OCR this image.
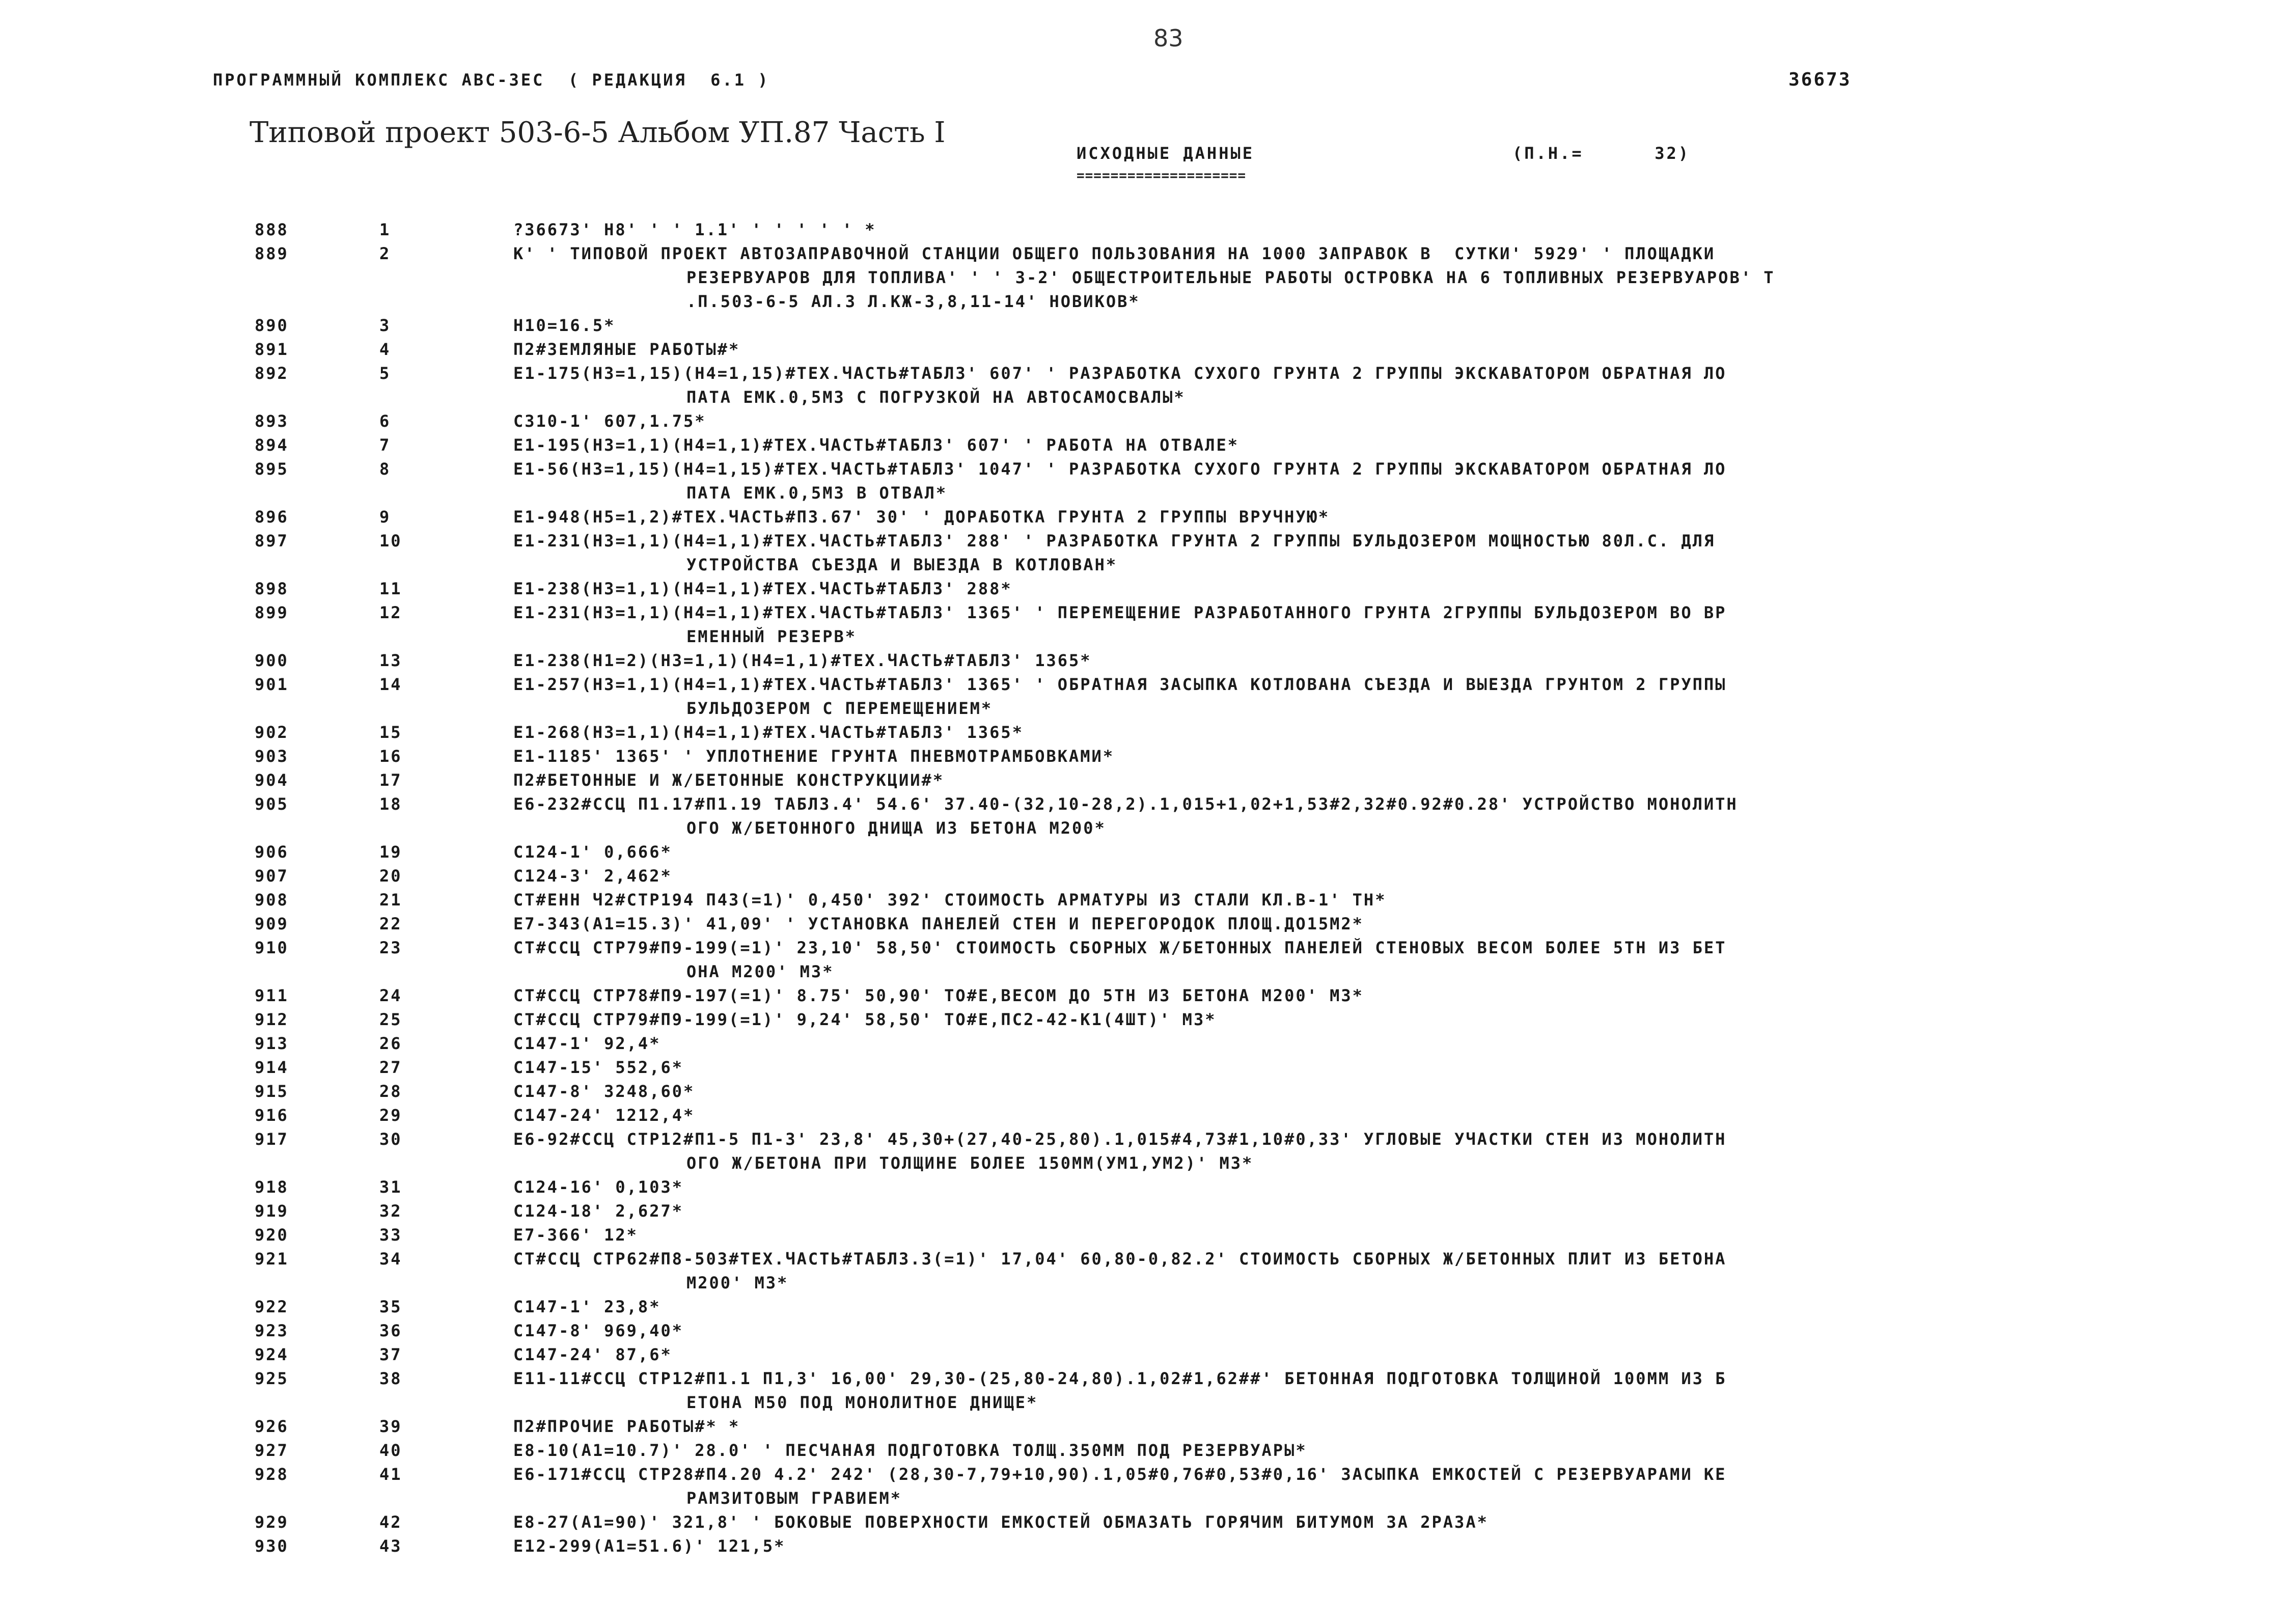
83
ПРОГРАММНЫЙ КОМПЛЕКС АВС-3ЕС  ( РЕДАКЦИЯ  6.1 )	36673
Типовой проект 503-6-5 Альбом УП.87 Часть I
ИСХОДНЫЕ ДАННЫЕ	(П.Н.=      32)
====================
888	1	?36673' Н8' ' ' 1.1' ' ' ' ' ' *
889	2	К' ' ТИПОВОЙ ПРОЕКТ АВТОЗАПРАВОЧНОЙ СТАНЦИИ ОБЩЕГО ПОЛЬЗОВАНИЯ НА 1000 ЗАПРАВОК В  СУТКИ' 5929' ' ПЛОЩАДКИ
РЕЗЕРВУАРОВ ДЛЯ ТОПЛИВА' ' ' 3-2' ОБЩЕСТРОИТЕЛЬНЫЕ РАБОТЫ ОСТРОВКА НА 6 ТОПЛИВНЫХ РЕЗЕРВУАРОВ' Т
.П.503-6-5 АЛ.3 Л.КЖ-3,8,11-14' НОВИКОВ*
890	3	Н10=16.5*
891	4	П2#ЗЕМЛЯНЫЕ РАБОТЫ#*
892	5	Е1-175(Н3=1,15)(Н4=1,15)#ТЕХ.ЧАСТЬ#ТАБЛ3' 607' ' РАЗРАБОТКА СУХОГО ГРУНТА 2 ГРУППЫ ЭКСКАВАТОРОМ ОБРАТНАЯ ЛО
ПАТА ЕМК.0,5М3 С ПОГРУЗКОЙ НА АВТОСАМОСВАЛЫ*
893	6	С310-1' 607,1.75*
894	7	Е1-195(Н3=1,1)(Н4=1,1)#ТЕХ.ЧАСТЬ#ТАБЛ3' 607' ' РАБОТА НА ОТВАЛЕ*
895	8	Е1-56(Н3=1,15)(Н4=1,15)#ТЕХ.ЧАСТЬ#ТАБЛ3' 1047' ' РАЗРАБОТКА СУХОГО ГРУНТА 2 ГРУППЫ ЭКСКАВАТОРОМ ОБРАТНАЯ ЛО
ПАТА ЕМК.0,5М3 В ОТВАЛ*
896	9	Е1-948(Н5=1,2)#ТЕХ.ЧАСТЬ#П3.67' 30' ' ДОРАБОТКА ГРУНТА 2 ГРУППЫ ВРУЧНУЮ*
897	10	Е1-231(Н3=1,1)(Н4=1,1)#ТЕХ.ЧАСТЬ#ТАБЛ3' 288' ' РАЗРАБОТКА ГРУНТА 2 ГРУППЫ БУЛЬДОЗЕРОМ МОЩНОСТЬЮ 80Л.С. ДЛЯ
УСТРОЙСТВА СЪЕЗДА И ВЫЕЗДА В КОТЛОВАН*
898	11	Е1-238(Н3=1,1)(Н4=1,1)#ТЕХ.ЧАСТЬ#ТАБЛ3' 288*
899	12	Е1-231(Н3=1,1)(Н4=1,1)#ТЕХ.ЧАСТЬ#ТАБЛ3' 1365' ' ПЕРЕМЕЩЕНИЕ РАЗРАБОТАННОГО ГРУНТА 2ГРУППЫ БУЛЬДОЗЕРОМ ВО ВР
ЕМЕННЫЙ РЕЗЕРВ*
900	13	Е1-238(Н1=2)(Н3=1,1)(Н4=1,1)#ТЕХ.ЧАСТЬ#ТАБЛ3' 1365*
901	14	Е1-257(Н3=1,1)(Н4=1,1)#ТЕХ.ЧАСТЬ#ТАБЛ3' 1365' ' ОБРАТНАЯ ЗАСЫПКА КОТЛОВАНА СЪЕЗДА И ВЫЕЗДА ГРУНТОМ 2 ГРУППЫ
БУЛЬДОЗЕРОМ С ПЕРЕМЕЩЕНИЕМ*
902	15	Е1-268(Н3=1,1)(Н4=1,1)#ТЕХ.ЧАСТЬ#ТАБЛ3' 1365*
903	16	Е1-1185' 1365' ' УПЛОТНЕНИЕ ГРУНТА ПНЕВМОТРАМБОВКАМИ*
904	17	П2#БЕТОННЫЕ И Ж/БЕТОННЫЕ КОНСТРУКЦИИ#*
905	18	Е6-232#ССЦ П1.17#П1.19 ТАБЛ3.4' 54.6' 37.40-(32,10-28,2).1,015+1,02+1,53#2,32#0.92#0.28' УСТРОЙСТВО МОНОЛИТН
ОГО Ж/БЕТОННОГО ДНИЩА ИЗ БЕТОНА М200*
906	19	С124-1' 0,666*
907	20	С124-3' 2,462*
908	21	СТ#ЕНН Ч2#СТР194 П43(=1)' 0,450' 392' СТОИМОСТЬ АРМАТУРЫ ИЗ СТАЛИ КЛ.В-1' ТН*
909	22	Е7-343(А1=15.3)' 41,09' ' УСТАНОВКА ПАНЕЛЕЙ СТЕН И ПЕРЕГОРОДОК ПЛОЩ.ДО15М2*
910	23	СТ#ССЦ СТР79#П9-199(=1)' 23,10' 58,50' СТОИМОСТЬ СБОРНЫХ Ж/БЕТОННЫХ ПАНЕЛЕЙ СТЕНОВЫХ ВЕСОМ БОЛЕЕ 5ТН ИЗ БЕТ
ОНА М200' М3*
911	24	СТ#ССЦ СТР78#П9-197(=1)' 8.75' 50,90' ТО#Е,ВЕСОМ ДО 5ТН ИЗ БЕТОНА М200' М3*
912	25	СТ#ССЦ СТР79#П9-199(=1)' 9,24' 58,50' ТО#Е,ПС2-42-К1(4ШТ)' М3*
913	26	С147-1' 92,4*
914	27	С147-15' 552,6*
915	28	С147-8' 3248,60*
916	29	С147-24' 1212,4*
917	30	Е6-92#ССЦ СТР12#П1-5 П1-3' 23,8' 45,30+(27,40-25,80).1,015#4,73#1,10#0,33' УГЛОВЫЕ УЧАСТКИ СТЕН ИЗ МОНОЛИТН
ОГО Ж/БЕТОНА ПРИ ТОЛЩИНЕ БОЛЕЕ 150ММ(УМ1,УМ2)' М3*
918	31	С124-16' 0,103*
919	32	С124-18' 2,627*
920	33	Е7-366' 12*
921	34	СТ#ССЦ СТР62#П8-503#ТЕХ.ЧАСТЬ#ТАБЛ3.3(=1)' 17,04' 60,80-0,82.2' СТОИМОСТЬ СБОРНЫХ Ж/БЕТОННЫХ ПЛИТ ИЗ БЕТОНА
М200' М3*
922	35	С147-1' 23,8*
923	36	С147-8' 969,40*
924	37	С147-24' 87,6*
925	38	Е11-11#ССЦ СТР12#П1.1 П1,3' 16,00' 29,30-(25,80-24,80).1,02#1,62##' БЕТОННАЯ ПОДГОТОВКА ТОЛЩИНОЙ 100ММ ИЗ Б
ЕТОНА М50 ПОД МОНОЛИТНОЕ ДНИЩЕ*
926	39	П2#ПРОЧИЕ РАБОТЫ#* *
927	40	Е8-10(А1=10.7)' 28.0' ' ПЕСЧАНАЯ ПОДГОТОВКА ТОЛЩ.350ММ ПОД РЕЗЕРВУАРЫ*
928	41	Е6-171#ССЦ СТР28#П4.20 4.2' 242' (28,30-7,79+10,90).1,05#0,76#0,53#0,16' ЗАСЫПКА ЕМКОСТЕЙ С РЕЗЕРВУАРАМИ КЕ
РАМЗИТОВЫМ ГРАВИЕМ*
929	42	Е8-27(А1=90)' 321,8' ' БОКОВЫЕ ПОВЕРХНОСТИ ЕМКОСТЕЙ ОБМАЗАТЬ ГОРЯЧИМ БИТУМОМ ЗА 2РАЗА*
930	43	Е12-299(А1=51.6)' 121,5*
